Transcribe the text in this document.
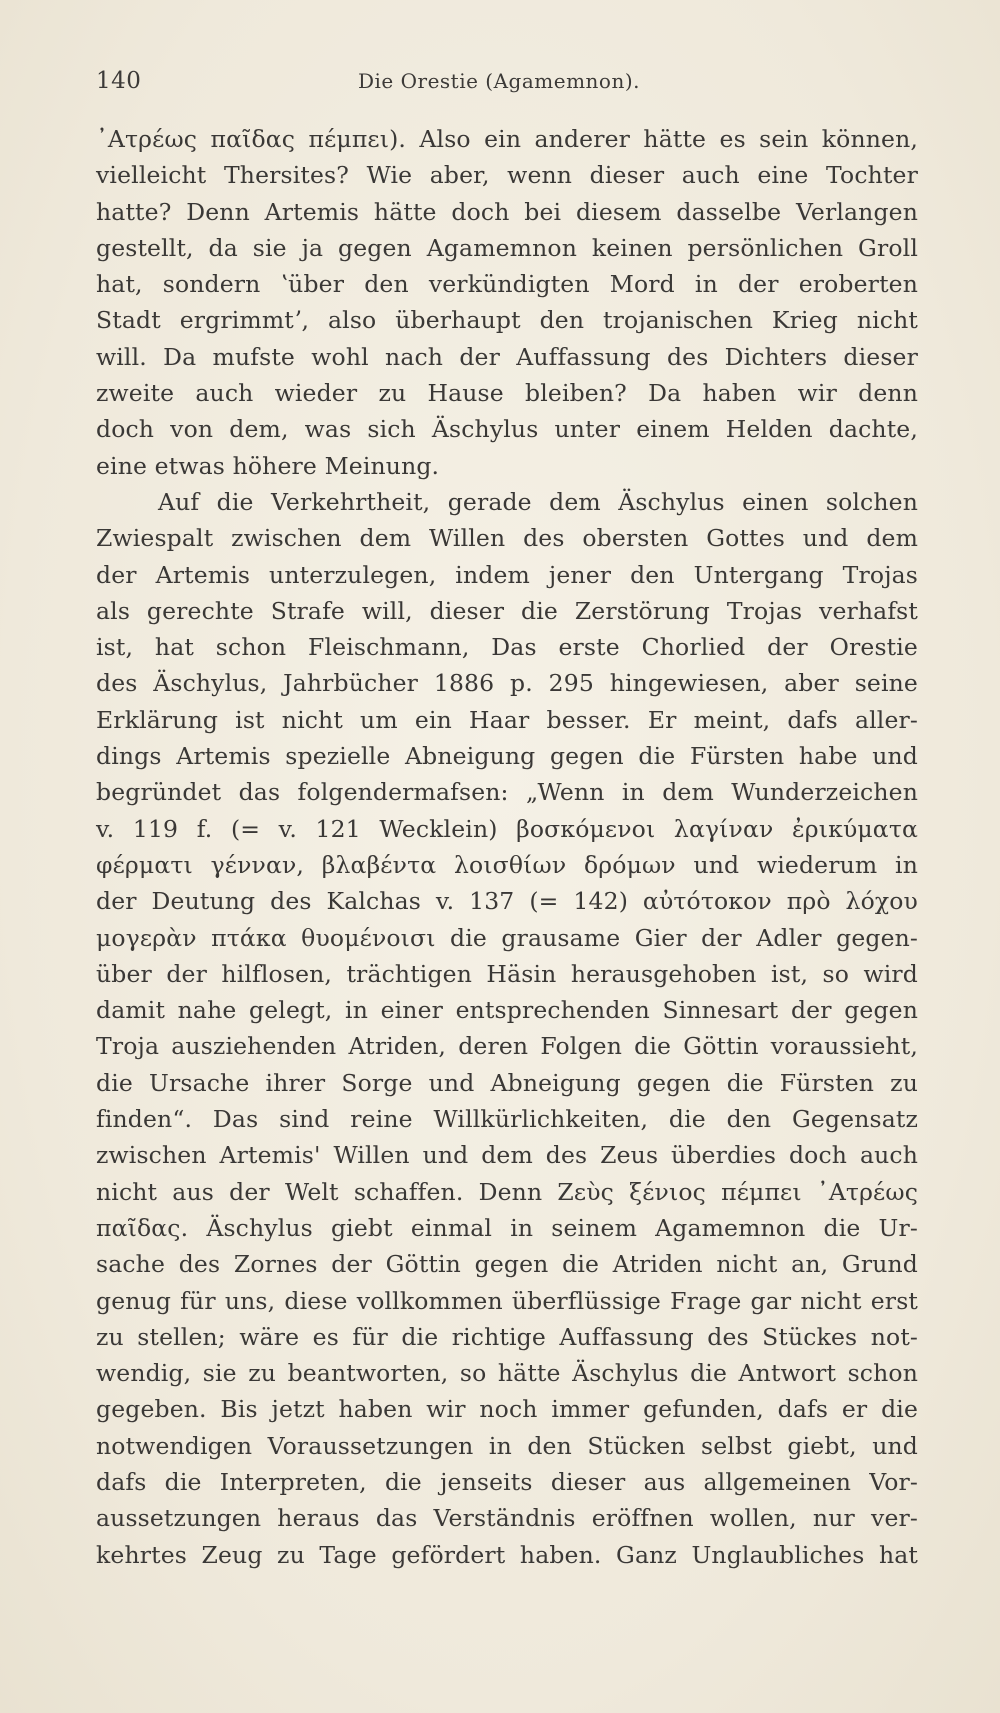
140	Die Orestie (Agamemnon).
᾿Ατρέως παῖδας πέμπει). Also ein anderer hätte es sein können,
vielleicht Thersites? Wie aber, wenn dieser auch eine Tochter
hatte? Denn Artemis hätte doch bei diesem dasselbe Verlangen
gestellt, da sie ja gegen Agamemnon keinen persönlichen Groll
hat, sondern ʽüber den verkündigten Mord in der eroberten
Stadt ergrimmtʼ, also überhaupt den trojanischen Krieg nicht
will. Da mufste wohl nach der Auffassung des Dichters dieser
zweite auch wieder zu Hause bleiben? Da haben wir denn
doch von dem, was sich Äschylus unter einem Helden dachte,
eine etwas höhere Meinung.
Auf die Verkehrtheit, gerade dem Äschylus einen solchen
Zwiespalt zwischen dem Willen des obersten Gottes und dem
der Artemis unterzulegen, indem jener den Untergang Trojas
als gerechte Strafe will, dieser die Zerstörung Trojas verhafst
ist, hat schon Fleischmann, Das erste Chorlied der Orestie
des Äschylus, Jahrbücher 1886 p. 295 hingewiesen, aber seine
Erklärung ist nicht um ein Haar besser. Er meint, dafs aller-
dings Artemis spezielle Abneigung gegen die Fürsten habe und
begründet das folgendermafsen: „Wenn in dem Wunderzeichen
v. 119 f. (= v. 121 Wecklein) βοσκόμενοι λαγίναν ἐρικύματα
φέρματι γένναν, βλαβέντα λοισθίων δρόμων und wiederum in
der Deutung des Kalchas v. 137 (= 142) αὐτότοκον πρὸ λόχου
μογερὰν πτάκα θυομένοισι die grausame Gier der Adler gegen-
über der hilflosen, trächtigen Häsin herausgehoben ist, so wird
damit nahe gelegt, in einer entsprechenden Sinnesart der gegen
Troja ausziehenden Atriden, deren Folgen die Göttin voraussieht,
die Ursache ihrer Sorge und Abneigung gegen die Fürsten zu
finden“. Das sind reine Willkürlichkeiten, die den Gegensatz
zwischen Artemis' Willen und dem des Zeus überdies doch auch
nicht aus der Welt schaffen. Denn Ζεὺς ξένιος πέμπει ᾿Ατρέως
παῖδας. Äschylus giebt einmal in seinem Agamemnon die Ur-
sache des Zornes der Göttin gegen die Atriden nicht an, Grund
genug für uns, diese vollkommen überflüssige Frage gar nicht erst
zu stellen; wäre es für die richtige Auffassung des Stückes not-
wendig, sie zu beantworten, so hätte Äschylus die Antwort schon
gegeben. Bis jetzt haben wir noch immer gefunden, dafs er die
notwendigen Voraussetzungen in den Stücken selbst giebt, und
dafs die Interpreten, die jenseits dieser aus allgemeinen Vor-
aussetzungen heraus das Verständnis eröffnen wollen, nur ver-
kehrtes Zeug zu Tage gefördert haben. Ganz Unglaubliches hat
